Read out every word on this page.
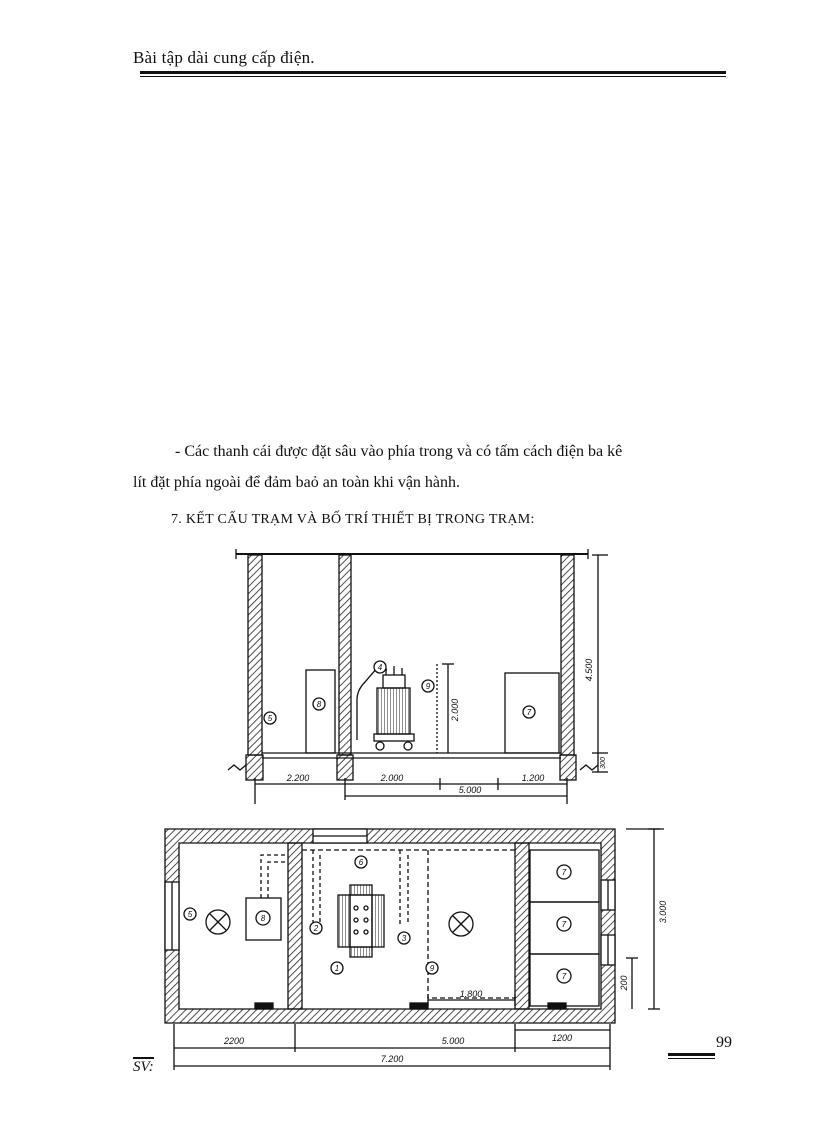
Bài tập dài cung cấp điện.
- Các thanh cái được đặt sâu vào phía trong và có tấm cách điện ba kê
lít đặt phía ngoài để đảm baỏ an toàn khi vận hành.
7. KẾT CẤU TRẠM VÀ BỐ TRÍ THIẾT BỊ TRONG TRẠM:
5
8
4
9
7
4.500
300
2.000
2.200	2.000	1.200
5.000
5	8
6
2
3
1	9
7
7
7
1.800
3.000
200
1200
2200	5.000
7.200
99
SV:
